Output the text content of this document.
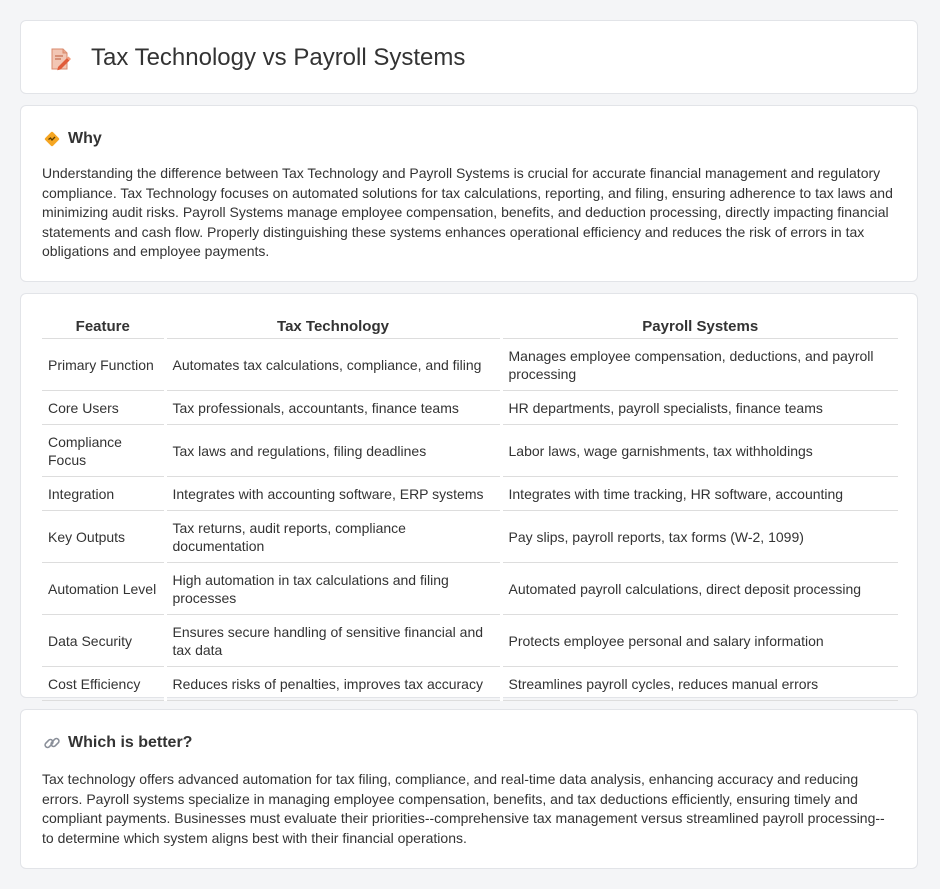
Tax Technology vs Payroll Systems
Why

Understanding the difference between Tax Technology and Payroll Systems is crucial for accurate financial management and regulatory compliance. Tax Technology focuses on automated solutions for tax calculations, reporting, and filing, ensuring adherence to tax laws and minimizing audit risks. Payroll Systems manage employee compensation, benefits, and deduction processing, directly impacting financial statements and cash flow. Properly distinguishing these systems enhances operational efficiency and reduces the risk of errors in tax obligations and employee payments.

Feature	Tax Technology	Payroll Systems
Primary Function	Automates tax calculations, compliance, and filing	Manages employee compensation, deductions, and payroll processing
Core Users	Tax professionals, accountants, finance teams	HR departments, payroll specialists, finance teams
Compliance Focus	Tax laws and regulations, filing deadlines	Labor laws, wage garnishments, tax withholdings
Integration	Integrates with accounting software, ERP systems	Integrates with time tracking, HR software, accounting
Key Outputs	Tax returns, audit reports, compliance documentation	Pay slips, payroll reports, tax forms (W-2, 1099)
Automation Level	High automation in tax calculations and filing processes	Automated payroll calculations, direct deposit processing
Data Security	Ensures secure handling of sensitive financial and tax data	Protects employee personal and salary information
Cost Efficiency	Reduces risks of penalties, improves tax accuracy	Streamlines payroll cycles, reduces manual errors
Which is better?

Tax technology offers advanced automation for tax filing, compliance, and real-time data analysis, enhancing accuracy and reducing errors. Payroll systems specialize in managing employee compensation, benefits, and tax deductions efficiently, ensuring timely and compliant payments. Businesses must evaluate their priorities--comprehensive tax management versus streamlined payroll processing--to determine which system aligns best with their financial operations.
